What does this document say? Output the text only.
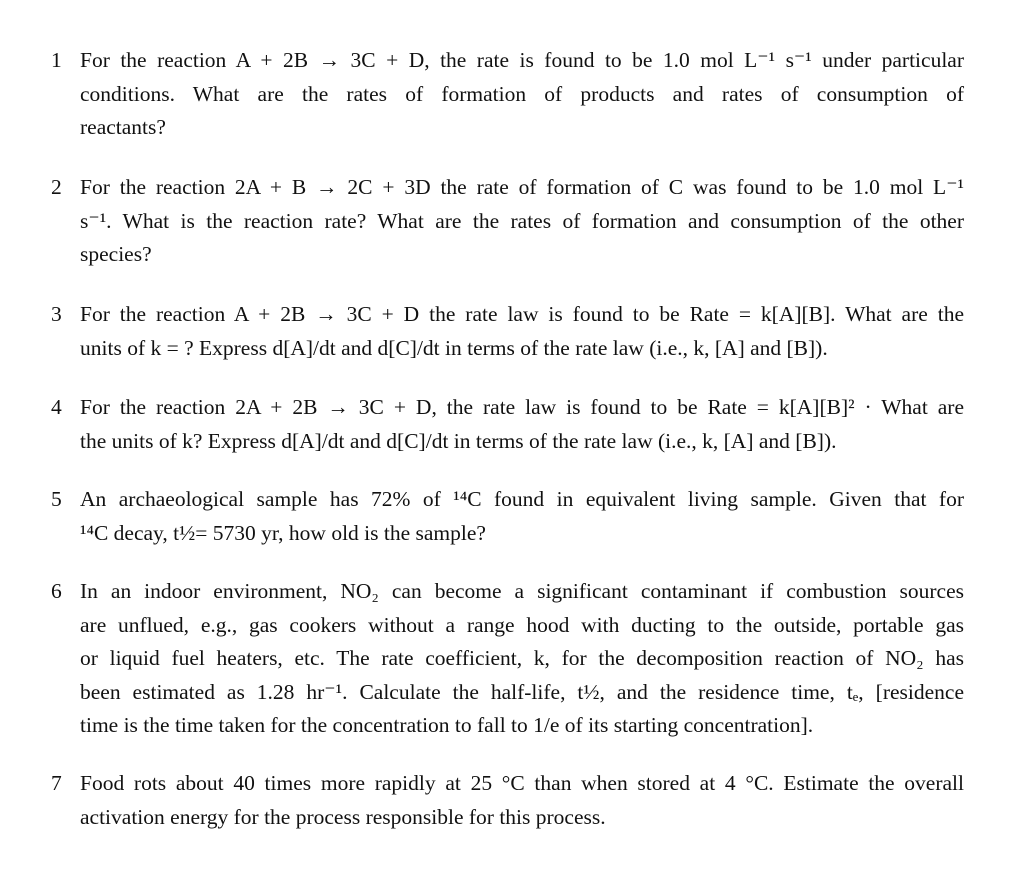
1 For the reaction A + 2B → 3C + D, the rate is found to be 1.0 mol L⁻¹ s⁻¹ under particular
conditions. What are the rates of formation of products and rates of consumption of
reactants?
2 For the reaction 2A + B → 2C + 3D the rate of formation of C was found to be 1.0 mol L⁻¹
s⁻¹. What is the reaction rate? What are the rates of formation and consumption of the other
species?
3 For the reaction A + 2B → 3C + D the rate law is found to be Rate = k[A][B]. What are the
units of k = ? Express d[A]/dt and d[C]/dt in terms of the rate law (i.e., k, [A] and [B]).
4 For the reaction 2A + 2B → 3C + D, the rate law is found to be Rate = k[A][B]² · What are
the units of k? Express d[A]/dt and d[C]/dt in terms of the rate law (i.e., k, [A] and [B]).
5 An archaeological sample has 72% of ¹⁴C found in equivalent living sample. Given that for
¹⁴C decay, t½= 5730 yr, how old is the sample?
6 In an indoor environment, NO₂ can become a significant contaminant if combustion sources
are unflued, e.g., gas cookers without a range hood with ducting to the outside, portable gas
or liquid fuel heaters, etc. The rate coefficient, k, for the decomposition reaction of NO₂ has
been estimated as 1.28 hr⁻¹. Calculate the half-life, t½, and the residence time, tₑ, [residence
time is the time taken for the concentration to fall to 1/e of its starting concentration].
7 Food rots about 40 times more rapidly at 25 °C than when stored at 4 °C. Estimate the overall
activation energy for the process responsible for this process.
